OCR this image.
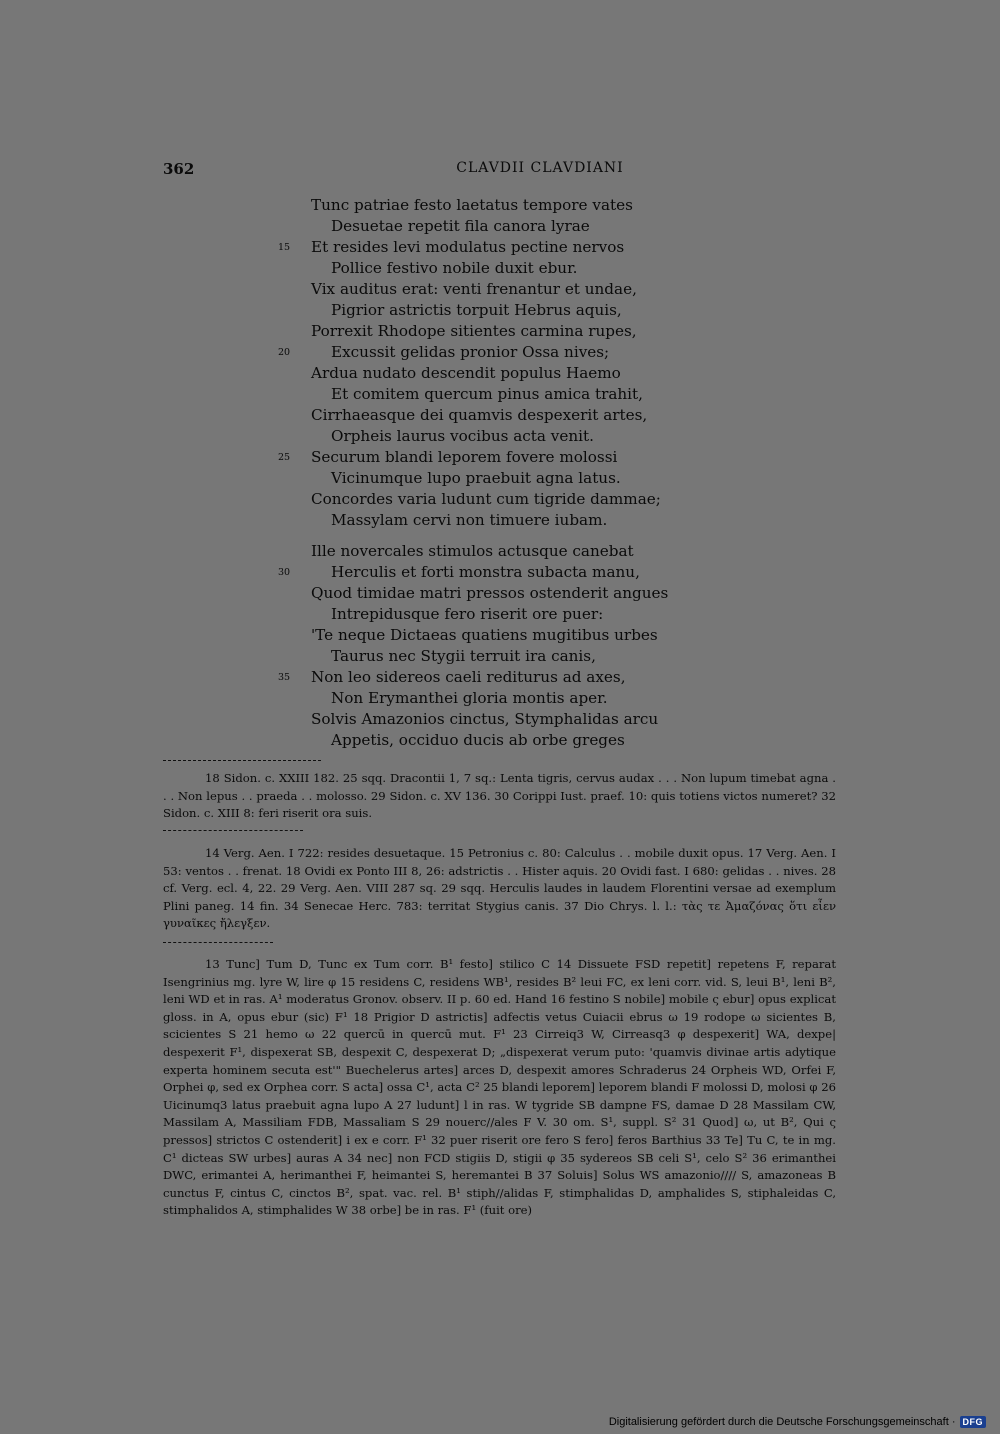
362	CLAVDII CLAVDIANI
Tunc patriae festo laetatus tempore vates
Desuetae repetit fila canora lyrae
Et resides levi modulatus pectine nervos
Pollice festivo nobile duxit ebur.
Vix auditus erat: venti frenantur et undae,
Pigrior astrictis torpuit Hebrus aquis,
Porrexit Rhodope sitientes carmina rupes,
Excussit gelidas pronior Ossa nives;
Ardua nudato descendit populus Haemo
Et comitem quercum pinus amica trahit,
Cirrhaeasque dei quamvis despexerit artes,
Orpheis laurus vocibus acta venit.
Securum blandi leporem fovere molossi
Vicinumque lupo praebuit agna latus.
Concordes varia ludunt cum tigride dammae;
Massylam cervi non timuere iubam.
Ille novercales stimulos actusque canebat
Herculis et forti monstra subacta manu,
Quod timidae matri pressos ostenderit angues
Intrepidusque fero riserit ore puer:
'Te neque Dictaeas quatiens mugitibus urbes
Taurus nec Stygii terruit ira canis,
Non leo sidereos caeli rediturus ad axes,
Non Erymanthei gloria montis aper.
Solvis Amazonios cinctus, Stymphalidas arcu
Appetis, occiduo ducis ab orbe greges
15
20
25
30
35

18 Sidon. c. XXIII 182. 25 sqq. Dracontii 1, 7 sq.: Lenta tigris, cervus audax . . . Non lupum timebat agna . . . Non lepus . . praeda . . molosso. 29 Sidon. c. XV 136. 30 Corippi Iust. praef. 10: quis totiens victos numeret? 32 Sidon. c. XIII 8: feri riserit ora suis.

14 Verg. Aen. I 722: resides desuetaque. 15 Petronius c. 80: Calculus . . mobile duxit opus. 17 Verg. Aen. I 53: ventos . . frenat. 18 Ovidi ex Ponto III 8, 26: adstrictis . . Hister aquis. 20 Ovidi fast. I 680: gelidas . . nives. 28 cf. Verg. ecl. 4, 22. 29 Verg. Aen. VIII 287 sq. 29 sqq. Herculis laudes in laudem Florentini versae ad exemplum Plini paneg. 14 fin. 34 Senecae Herc. 783: territat Stygius canis. 37 Dio Chrys. l. l.: τὰς τε Ἀμαζόνας ὅτι εἶεν γυναῖκες ἤλεγξεν.

13 Tunc] Tum D, Tunc ex Tum corr. B¹ festo] stilico C 14 Dissuete FSD repetit] repetens F, reparat Isengrinius mg. lyre W, lire φ 15 residens C, residens WB¹, resides B² leui FC, ex leni corr. vid. S, leui B¹, leni B², leni WD et in ras. A¹ moderatus Gronov. observ. II p. 60 ed. Hand 16 festino S nobile] mobile ς ebur] opus explicat gloss. in A, opus ebur (sic) F¹ 18 Prigior D astrictis] adfectis vetus Cuiacii ebrus ω 19 rodope ω sicientes B, scicientes S 21 hemo ω 22 quercū in quercū mut. F¹ 23 Cirreiq3 W, Cirreasq3 φ despexerit] WA, dexpe| despexerit F¹, dispexerat SB, despexit C, despexerat D; „dispexerat verum puto: 'quamvis divinae artis adytique experta hominem secuta est'" Buechelerus artes] arces D, despexit amores Schraderus 24 Orpheis WD, Orfei F, Orphei φ, sed ex Orphea corr. S acta] ossa C¹, acta C² 25 blandi leporem] leporem blandi F molossi D, molosi φ 26 Uicinumq3 latus praebuit agna lupo A 27 ludunt] l in ras. W tygride SB dampne FS, damae D 28 Massilam CW, Massilam A, Massiliam FDB, Massaliam S 29 nouerc//ales F V. 30 om. S¹, suppl. S² 31 Quod] ω, ut B², Qui ς pressos] strictos C ostenderit] i ex e corr. F¹ 32 puer riserit ore fero S fero] feros Barthius 33 Te] Tu C, te in mg. C¹ dicteas SW urbes] auras A 34 nec] non FCD stigiis D, stigii φ 35 sydereos SB celi S¹, celo S² 36 erimanthei DWC, erimantei A, herimanthei F, heimantei S, heremantei B 37 Soluis] Solus WS amazonio//// S, amazoneas B cunctus F, cintus C, cinctos B², spat. vac. rel. B¹ stiph//alidas F, stimphalidas D, amphalides S, stiphaleidas C, stimphalidos A, stimphalides W 38 orbe] be in ras. F¹ (fuit ore)

Digitalisierung gefördert durch die Deutsche Forschungsgemeinschaft · DFG
